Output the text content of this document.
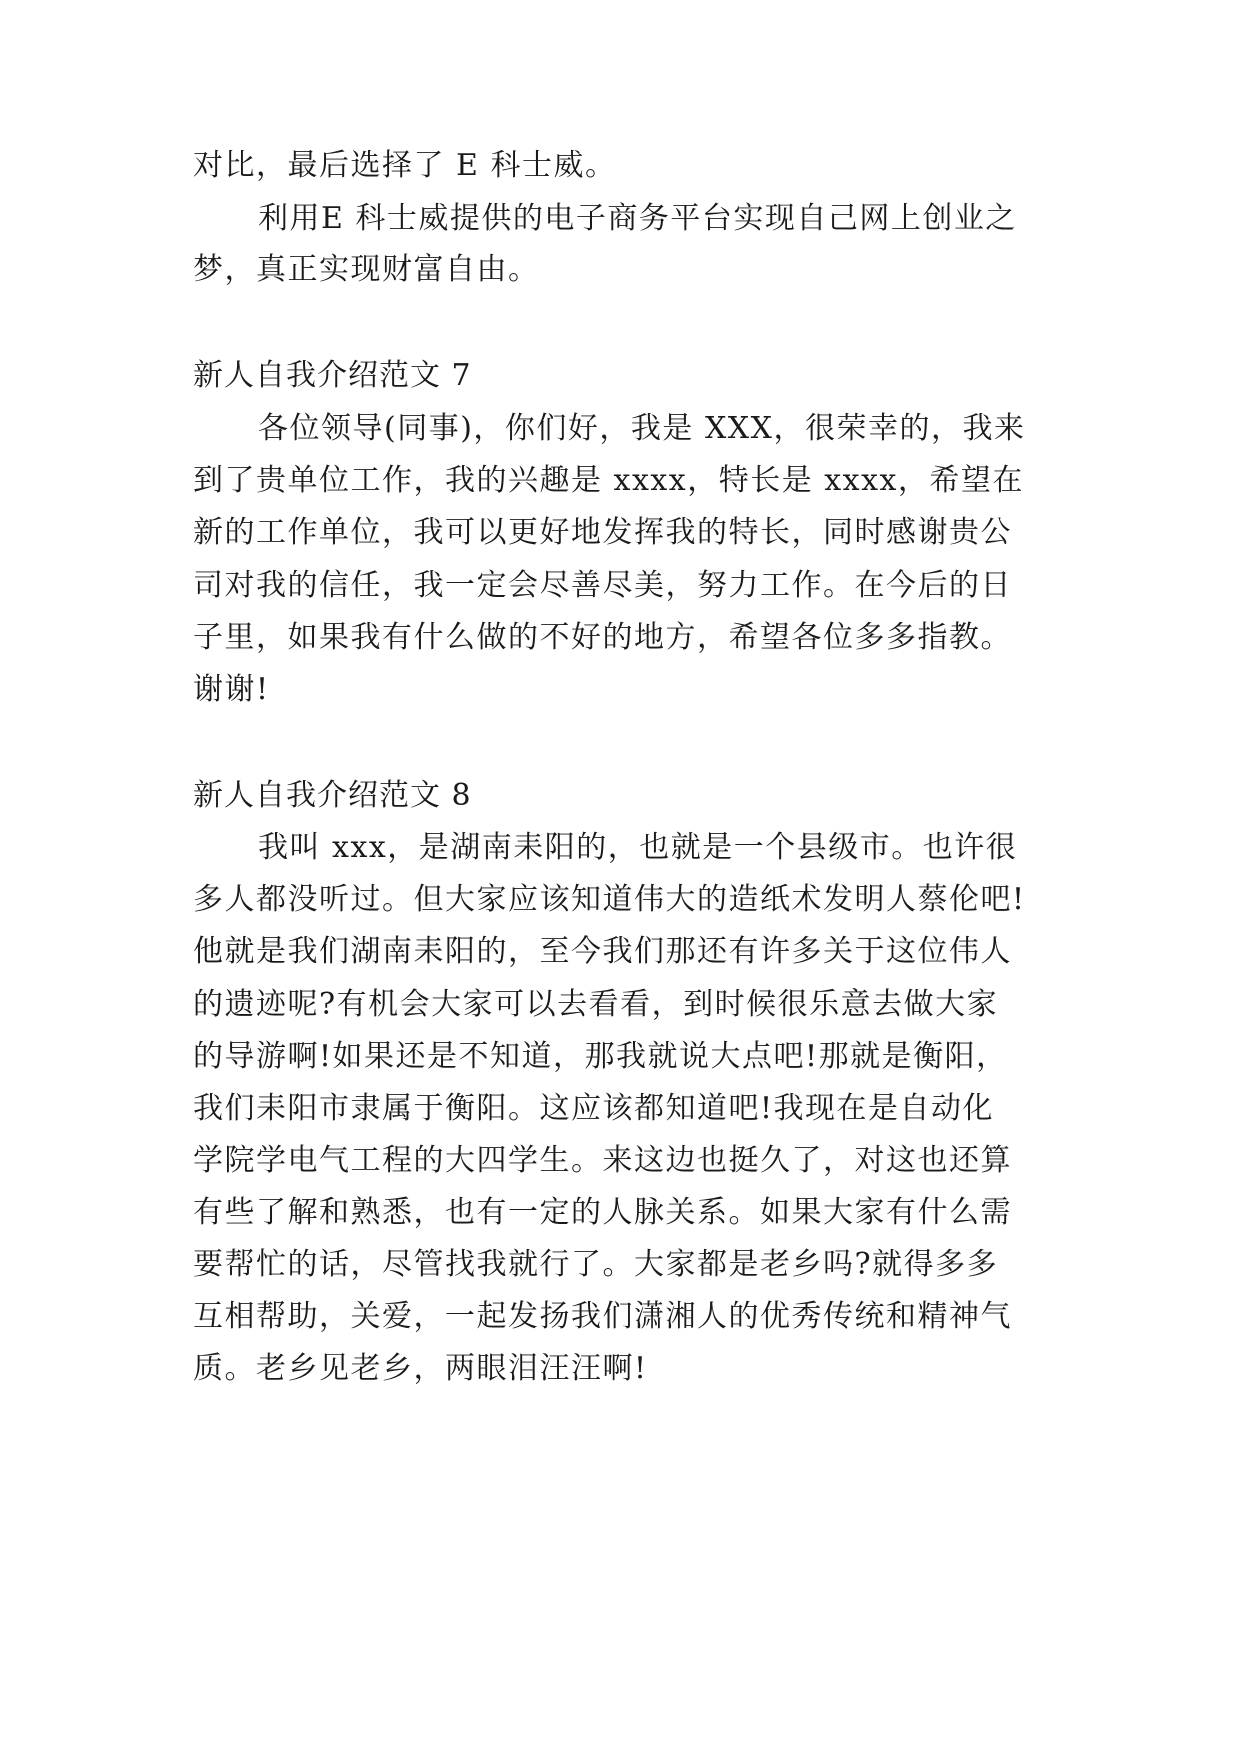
对比，最后选择了 E 科士威。
利用E 科士威提供的电子商务平台实现自己网上创业之
梦，真正实现财富自由。
新人自我介绍范文 7
各位领导(同事)，你们好，我是 XXX，很荣幸的，我来
到了贵单位工作，我的兴趣是 xxxx，特长是 xxxx，希望在
新的工作单位，我可以更好地发挥我的特长，同时感谢贵公
司对我的信任，我一定会尽善尽美，努力工作。在今后的日
子里，如果我有什么做的不好的地方，希望各位多多指教。
谢谢!
新人自我介绍范文 8
我叫 xxx，是湖南耒阳的，也就是一个县级市。也许很
多人都没听过。但大家应该知道伟大的造纸术发明人蔡伦吧!
他就是我们湖南耒阳的，至今我们那还有许多关于这位伟人
的遗迹呢?有机会大家可以去看看，到时候很乐意去做大家
的导游啊!如果还是不知道，那我就说大点吧!那就是衡阳，
我们耒阳市隶属于衡阳。这应该都知道吧!我现在是自动化
学院学电气工程的大四学生。来这边也挺久了，对这也还算
有些了解和熟悉，也有一定的人脉关系。如果大家有什么需
要帮忙的话，尽管找我就行了。大家都是老乡吗?就得多多
互相帮助，关爱，一起发扬我们潇湘人的优秀传统和精神气
质。老乡见老乡，两眼泪汪汪啊!
